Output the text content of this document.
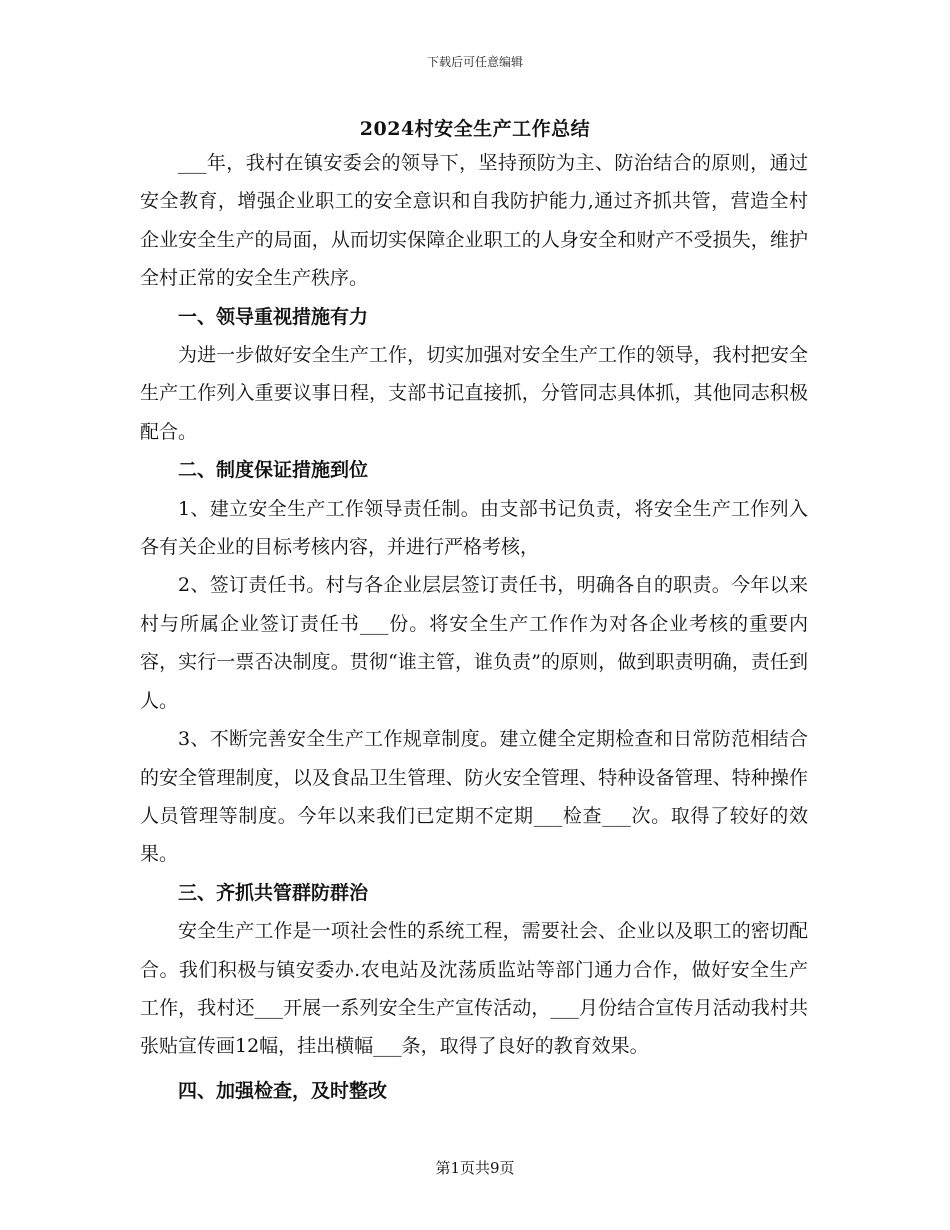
下载后可任意编辑
2024村安全生产工作总结

___年，我村在镇安委会的领导下，坚持预防为主、防治结合的原则，通过安全教育，增强企业职工的安全意识和自我防护能力,通过齐抓共管，营造全村企业安全生产的局面，从而切实保障企业职工的人身安全和财产不受损失，维护全村正常的安全生产秩序。

一、领导重视措施有力

为进一步做好安全生产工作，切实加强对安全生产工作的领导，我村把安全生产工作列入重要议事日程，支部书记直接抓，分管同志具体抓，其他同志积极配合。

二、制度保证措施到位

1、建立安全生产工作领导责任制。由支部书记负责，将安全生产工作列入各有关企业的目标考核内容，并进行严格考核，

2、签订责任书。村与各企业层层签订责任书，明确各自的职责。今年以来村与所属企业签订责任书___份。将安全生产工作作为对各企业考核的重要内容，实行一票否决制度。贯彻“谁主管，谁负责”的原则，做到职责明确，责任到人。

3、不断完善安全生产工作规章制度。建立健全定期检查和日常防范相结合的安全管理制度，以及食品卫生管理、防火安全管理、特种设备管理、特种操作人员管理等制度。今年以来我们已定期不定期___检查___次。取得了较好的效果。

三、齐抓共管群防群治

安全生产工作是一项社会性的系统工程，需要社会、企业以及职工的密切配合。我们积极与镇安委办.农电站及沈荡质监站等部门通力合作，做好安全生产工作，我村还___开展一系列安全生产宣传活动，___月份结合宣传月活动我村共张贴宣传画12幅，挂出横幅___条，取得了良好的教育效果。

四、加强检查，及时整改
第1页共9页
